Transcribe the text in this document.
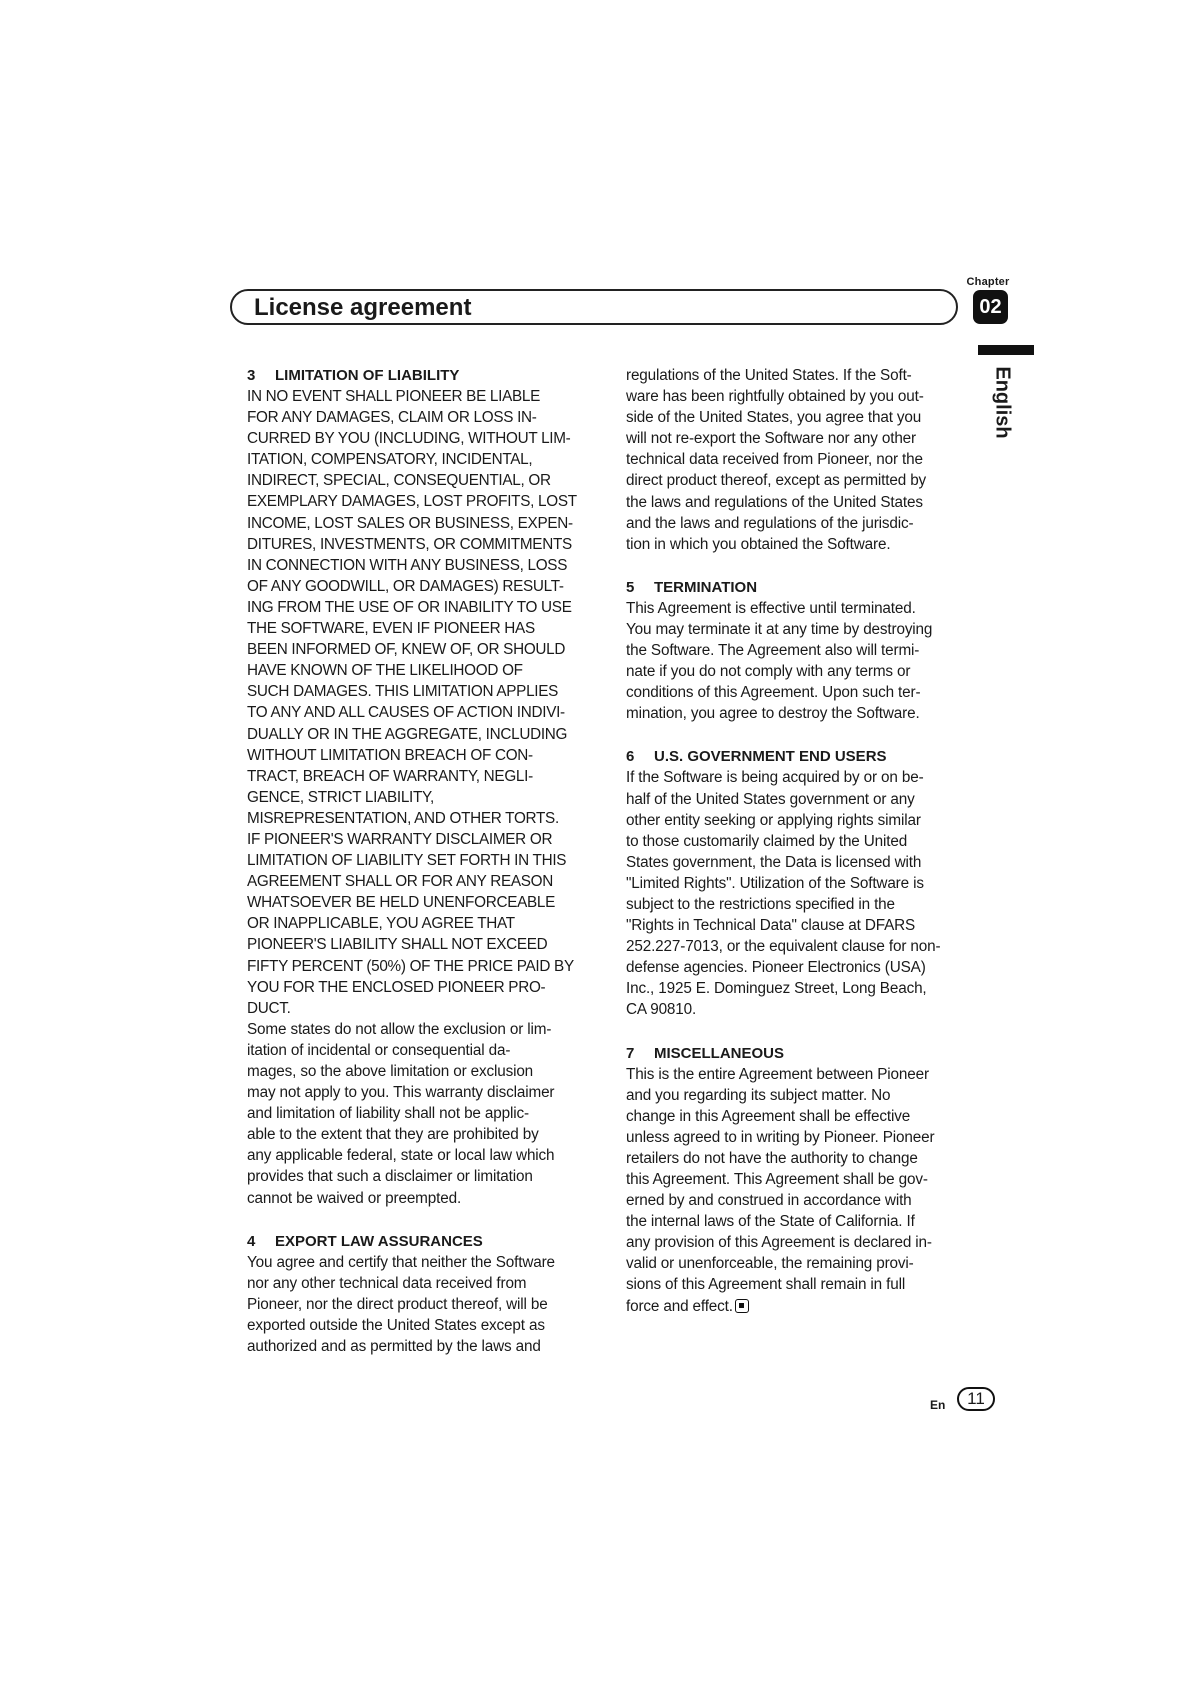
Chapter
License agreement	02
English
3 LIMITATION OF LIABILITY
IN NO EVENT SHALL PIONEER BE LIABLE
FOR ANY DAMAGES, CLAIM OR LOSS IN-
CURRED BY YOU (INCLUDING, WITHOUT LIM-
ITATION, COMPENSATORY, INCIDENTAL,
INDIRECT, SPECIAL, CONSEQUENTIAL, OR
EXEMPLARY DAMAGES, LOST PROFITS, LOST
INCOME, LOST SALES OR BUSINESS, EXPEN-
DITURES, INVESTMENTS, OR COMMITMENTS
IN CONNECTION WITH ANY BUSINESS, LOSS
OF ANY GOODWILL, OR DAMAGES) RESULT-
ING FROM THE USE OF OR INABILITY TO USE
THE SOFTWARE, EVEN IF PIONEER HAS
BEEN INFORMED OF, KNEW OF, OR SHOULD
HAVE KNOWN OF THE LIKELIHOOD OF
SUCH DAMAGES. THIS LIMITATION APPLIES
TO ANY AND ALL CAUSES OF ACTION INDIVI-
DUALLY OR IN THE AGGREGATE, INCLUDING
WITHOUT LIMITATION BREACH OF CON-
TRACT, BREACH OF WARRANTY, NEGLI-
GENCE, STRICT LIABILITY,
MISREPRESENTATION, AND OTHER TORTS.
IF PIONEER'S WARRANTY DISCLAIMER OR
LIMITATION OF LIABILITY SET FORTH IN THIS
AGREEMENT SHALL OR FOR ANY REASON
WHATSOEVER BE HELD UNENFORCEABLE
OR INAPPLICABLE, YOU AGREE THAT
PIONEER'S LIABILITY SHALL NOT EXCEED
FIFTY PERCENT (50%) OF THE PRICE PAID BY
YOU FOR THE ENCLOSED PIONEER PRO-
DUCT.
Some states do not allow the exclusion or lim-
itation of incidental or consequential da-
mages, so the above limitation or exclusion
may not apply to you. This warranty disclaimer
and limitation of liability shall not be applic-
able to the extent that they are prohibited by
any applicable federal, state or local law which
provides that such a disclaimer or limitation
cannot be waived or preempted.
4 EXPORT LAW ASSURANCES
You agree and certify that neither the Software
nor any other technical data received from
Pioneer, nor the direct product thereof, will be
exported outside the United States except as
authorized and as permitted by the laws and
regulations of the United States. If the Soft-
ware has been rightfully obtained by you out-
side of the United States, you agree that you
will not re-export the Software nor any other
technical data received from Pioneer, nor the
direct product thereof, except as permitted by
the laws and regulations of the United States
and the laws and regulations of the jurisdic-
tion in which you obtained the Software.
5 TERMINATION
This Agreement is effective until terminated.
You may terminate it at any time by destroying
the Software. The Agreement also will termi-
nate if you do not comply with any terms or
conditions of this Agreement. Upon such ter-
mination, you agree to destroy the Software.
6 U.S. GOVERNMENT END USERS
If the Software is being acquired by or on be-
half of the United States government or any
other entity seeking or applying rights similar
to those customarily claimed by the United
States government, the Data is licensed with
"Limited Rights". Utilization of the Software is
subject to the restrictions specified in the
"Rights in Technical Data" clause at DFARS
252.227-7013, or the equivalent clause for non-
defense agencies. Pioneer Electronics (USA)
Inc., 1925 E. Dominguez Street, Long Beach,
CA 90810.
7 MISCELLANEOUS
This is the entire Agreement between Pioneer
and you regarding its subject matter. No
change in this Agreement shall be effective
unless agreed to in writing by Pioneer. Pioneer
retailers do not have the authority to change
this Agreement. This Agreement shall be gov-
erned by and construed in accordance with
the internal laws of the State of California. If
any provision of this Agreement is declared in-
valid or unenforceable, the remaining provi-
sions of this Agreement shall remain in full
force and effect.
En	11
